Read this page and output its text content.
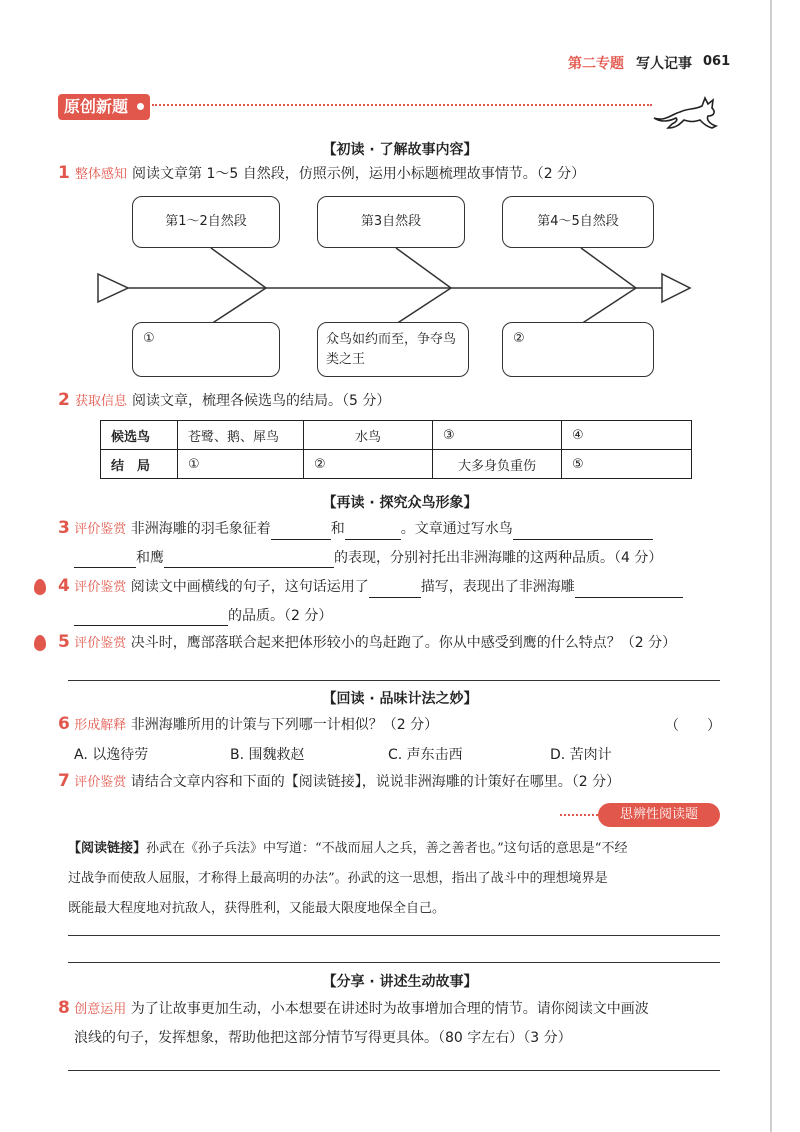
第二专题 写人记事 061
原创新题
【初读 · 了解故事内容】
1 整体感知 阅读文章第 1～5 自然段，仿照示例，运用小标题梳理故事情节。（2 分）
第1～2自然段	第3自然段	第4～5自然段
①	众鸟如约而至，争夺鸟类之王
②
2 获取信息 阅读文章，梳理各候选鸟的结局。（5 分）
候选鸟	苍鹭、鹅、犀鸟	水鸟	③	④
结　局	①	②	大多身负重伤	⑤
【再读 · 探究众鸟形象】
3 评价鉴赏 非洲海雕的羽毛象征着	和	。文章通过写水鸟
和鹰	的表现，分别衬托出非洲海雕的这两种品质。（4 分）
4 评价鉴赏 阅读文中画横线的句子，这句话运用了	描写，表现出了非洲海雕
的品质。（2 分）
5 评价鉴赏 决斗时，鹰部落联合起来把体形较小的鸟赶跑了。你从中感受到鹰的什么特点？（2 分）
【回读 · 品味计法之妙】
6 形成解释 非洲海雕所用的计策与下列哪一计相似？（2 分）	（　　）
A. 以逸待劳	B. 围魏救赵	C. 声东击西	D. 苦肉计
7 评价鉴赏 请结合文章内容和下面的【阅读链接】，说说非洲海雕的计策好在哪里。（2 分）
思辨性阅读题
【阅读链接】孙武在《孙子兵法》中写道：“不战而屈人之兵，善之善者也。”这句话的意思是“不经
过战争而使敌人屈服，才称得上最高明的办法”。孙武的这一思想，指出了战斗中的理想境界是
既能最大程度地对抗敌人，获得胜利，又能最大限度地保全自己。
【分享 · 讲述生动故事】
8 创意运用 为了让故事更加生动，小本想要在讲述时为故事增加合理的情节。请你阅读文中画波
浪线的句子，发挥想象，帮助他把这部分情节写得更具体。（80 字左右）（3 分）
